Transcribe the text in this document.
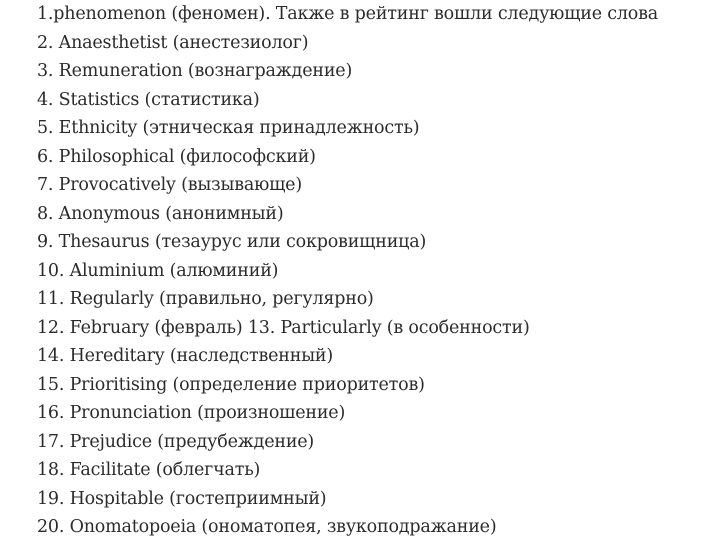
1.phenomenon (феномен). Также в рейтинг вошли следующие слова
2. Anaesthetist (анестезиолог)
3. Remuneration (вознаграждение)
4. Statistics (статистика)
5. Ethnicity (этническая принадлежность)
6. Philosophical (философский)
7. Provocatively (вызывающе)
8. Anonymous (анонимный)
9. Thesaurus (тезаурус или сокровищница)
10. Aluminium (алюминий)
11. Regularly (правильно, регулярно)
12. February (февраль) 13. Particularly (в особенности)
14. Hereditary (наследственный)
15. Prioritising (определение приоритетов)
16. Pronunciation (произношение)
17. Prejudice (предубеждение)
18. Facilitate (облегчать)
19. Hospitable (гостеприимный)
20. Onomatopoeia (ономатопея, звукоподражание)
